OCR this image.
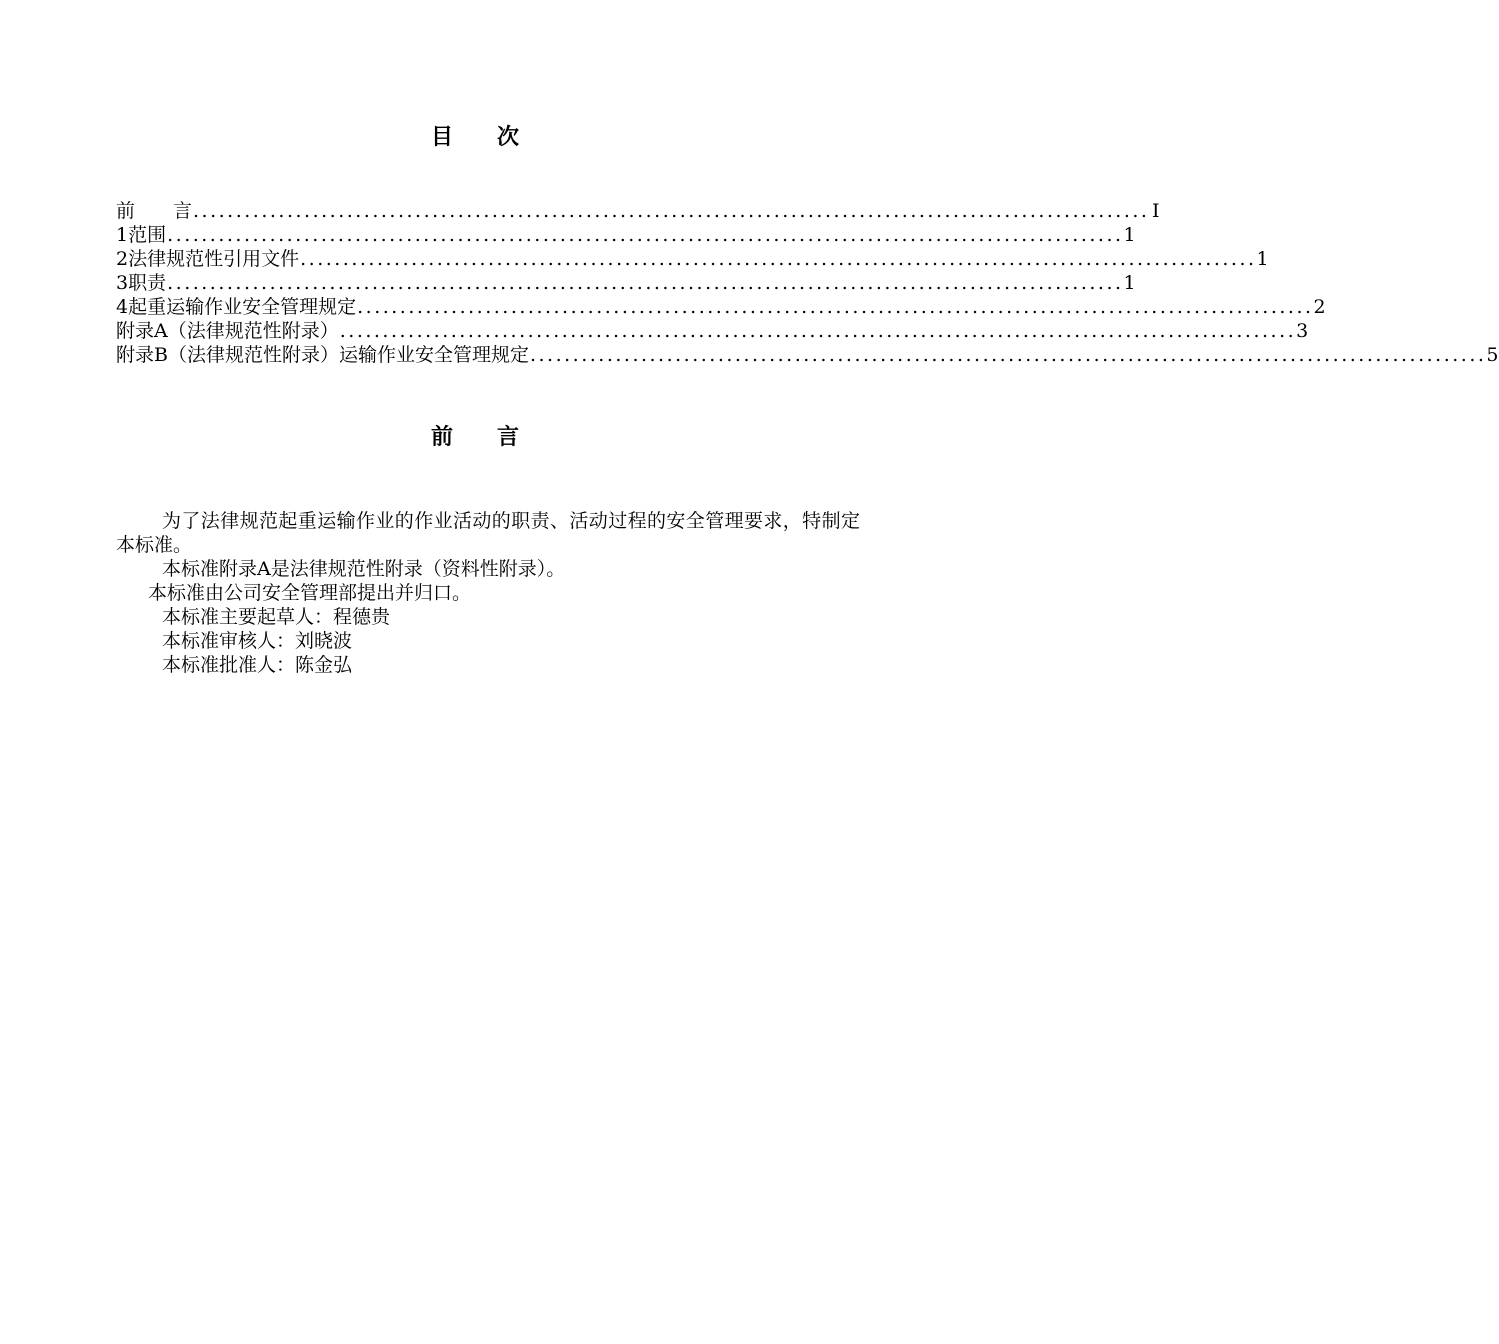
目　　次
前　　言 ................................................................................................................ I
1 范围 ................................................................................................................ 1
2 法律规范性引用文件 ................................................................................................................ 1
3 职责 ................................................................................................................ 1
4 起重运输作业安全管理规定 ................................................................................................................ 2
附录A（法律规范性附录） ................................................................................................................ 3
附录B（法律规范性附录）运输作业安全管理规定 ................................................................................................................ 5
前　　言

为了法律规范起重运输作业的作业活动的职责、活动过程的安全管理要求，特制定本标准。

本标准附录A是法律规范性附录（资料性附录）。

本标准由公司安全管理部提出并归口。

本标准主要起草人：程德贵

本标准审核人：刘晓波

本标准批准人：陈金弘
